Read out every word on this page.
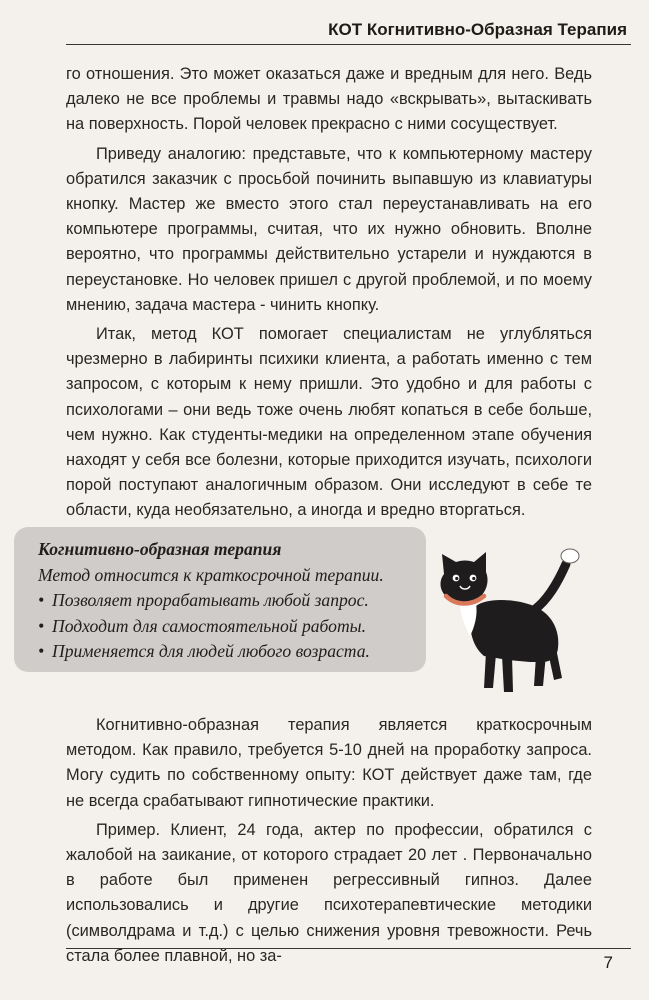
КОТ Когнитивно-Образная Терапия

го отношения. Это может оказаться даже и вредным для него. Ведь далеко не все проблемы и травмы надо «вскрывать», вытаскивать на поверхность. Порой человек прекрасно с ними сосуществует.

Приведу аналогию: представьте, что к компьютерному мастеру обратился заказчик с просьбой починить выпавшую из клавиатуры кнопку. Мастер же вместо этого стал переустанавливать на его компьютере программы, считая, что их нужно обновить. Вполне вероятно, что программы действительно устарели и нуждаются в переустановке. Но человек пришел с другой проблемой, и по моему мнению, задача мастера - чинить кнопку.

Итак, метод КОТ помогает специалистам не углубляться чрезмерно в лабиринты психики клиента, а работать именно с тем запросом, с которым к нему пришли. Это удобно и для работы с психологами – они ведь тоже очень любят копаться в себе больше, чем нужно. Как студенты-медики на определенном этапе обучения находят у себя все болезни, которые приходится изучать, психологи порой поступают аналогичным образом. Они исследуют в себе те области, куда необязательно, а иногда и вредно вторгаться.

Когнитивно-образная терапия
Метод относится к краткосрочной терапии.
• Позволяет прорабатывать любой запрос.
• Подходит для самостоятельной работы.
• Применяется для людей любого возраста.

Когнитивно-образная терапия является краткосрочным методом. Как правило, требуется 5-10 дней на проработку запроса. Могу судить по собственному опыту: КОТ действует даже там, где не всегда срабатывают гипнотические практики.

Пример. Клиент, 24 года, актер по профессии, обратился с жалобой на заикание, от которого страдает 20 лет . Первоначально в работе был применен регрессивный гипноз. Далее использовались и другие психотерапевтические методики (символдрама и т.д.) с целью снижения уровня тревожности. Речь стала более плавной, но за-	7
